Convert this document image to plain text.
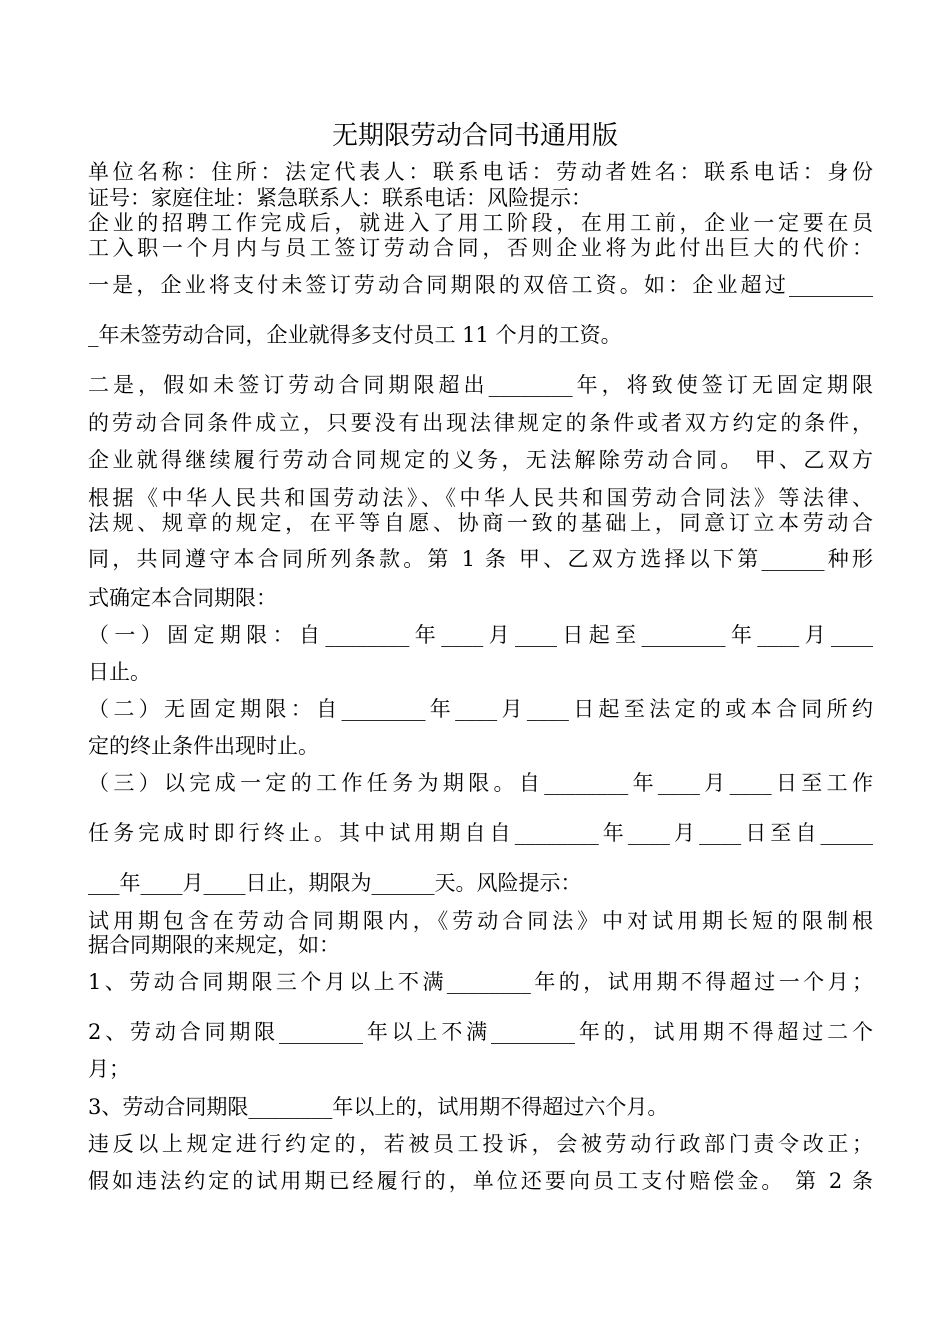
无期限劳动合同书通用版
单位名称：住所：法定代表人：联系电话：劳动者姓名：联系电话：身份
证号：家庭住址：紧急联系人：联系电话：风险提示：
企业的招聘工作完成后，就进入了用工阶段，在用工前，企业一定要在员
工入职一个月内与员工签订劳动合同，否则企业将为此付出巨大的代价：
一是，企业将支付未签订劳动合同期限的双倍工资。如：企业超过________
_年未签劳动合同，企业就得多支付员工 11 个月的工资。
二是，假如未签订劳动合同期限超出________年，将致使签订无固定期限
的劳动合同条件成立，只要没有出现法律规定的条件或者双方约定的条件，
企业就得继续履行劳动合同规定的义务，无法解除劳动合同。 甲、乙双方
根据《中华人民共和国劳动法》、《中华人民共和国劳动合同法》等法律、
法规、规章的规定，在平等自愿、协商一致的基础上，同意订立本劳动合
同，共同遵守本合同所列条款。第 1 条 甲、乙双方选择以下第______种形
式确定本合同期限：
（一）固定期限：自________年____月____日起至________年____月____
日止。
（二）无固定期限：自________年____月____日起至法定的或本合同所约
定的终止条件出现时止。
（三）以完成一定的工作任务为期限。自________年____月____日至工作
任务完成时即行终止。其中试用期自自________年____月____日至自_____
___年____月____日止，期限为______天。风险提示：
试用期包含在劳动合同期限内，《劳动合同法》中对试用期长短的限制根
据合同期限的来规定，如：
1、劳动合同期限三个月以上不满________年的，试用期不得超过一个月；
2、劳动合同期限________年以上不满________年的，试用期不得超过二个
月；
3、劳动合同期限________年以上的，试用期不得超过六个月。
违反以上规定进行约定的，若被员工投诉，会被劳动行政部门责令改正；
假如违法约定的试用期已经履行的，单位还要向员工支付赔偿金。 第 2 条
